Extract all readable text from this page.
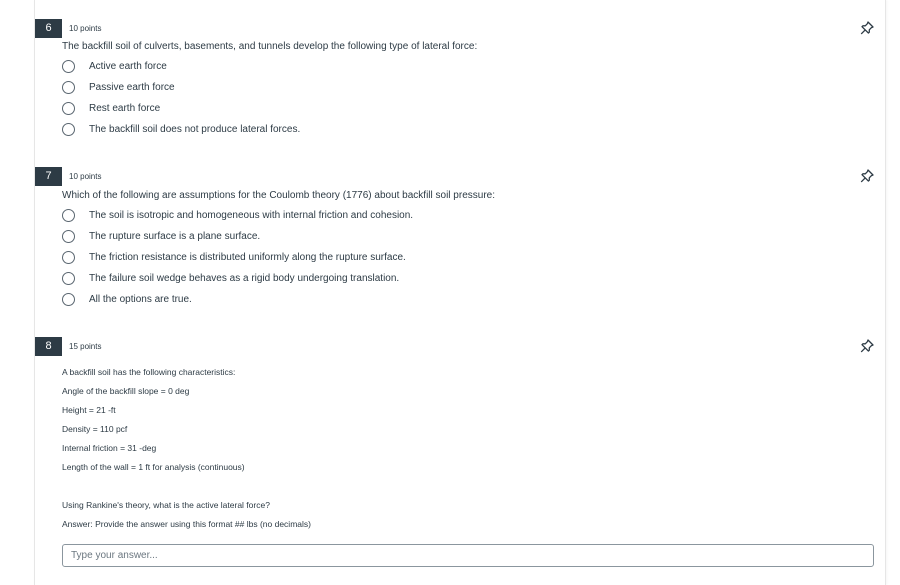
6	10 points
The backfill soil of culverts, basements, and tunnels develop the following type of lateral force:
Active earth force
Passive earth force
Rest earth force
The backfill soil does not produce lateral forces.
7	10 points
Which of the following are assumptions for the Coulomb theory (1776) about backfill soil pressure:
The soil is isotropic and homogeneous with internal friction and cohesion.
The rupture surface is a plane surface.
The friction resistance is distributed uniformly along the rupture surface.
The failure soil wedge behaves as a rigid body undergoing translation.
All the options are true.
8	15 points
A backfill soil has the following characteristics:
Angle of the backfill slope = 0 deg
Height = 21 -ft
Density = 110 pcf
Internal friction = 31 -deg
Length of the wall = 1 ft for analysis (continuous)
Using Rankine's theory, what is the active lateral force?
Answer: Provide the answer using this format ## lbs (no decimals)
Type your answer...
